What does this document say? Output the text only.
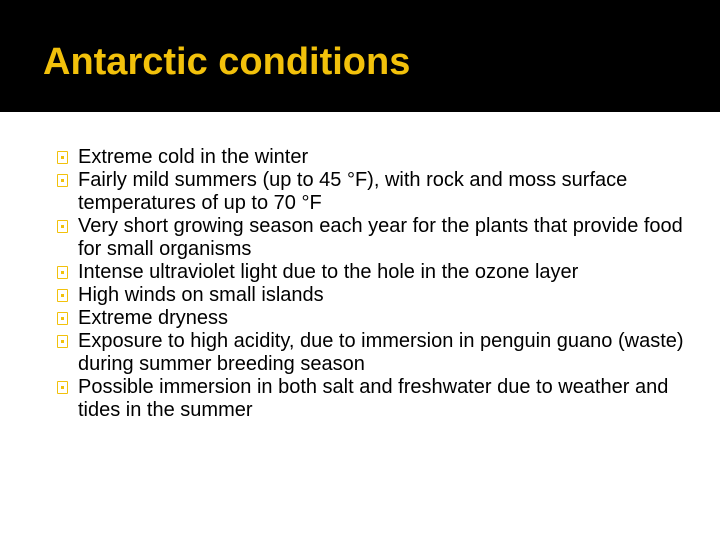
Antarctic conditions
Extreme cold in the winter
Fairly mild summers (up to 45 °F), with rock and moss surface temperatures of up to 70 °F
Very short growing season each year for the plants that provide food for small organisms
Intense ultraviolet light due to the hole in the ozone layer
High winds on small islands
Extreme dryness
Exposure to high acidity, due to immersion in penguin guano (waste) during summer breeding season
Possible immersion in both salt and freshwater due to weather and tides in the summer
